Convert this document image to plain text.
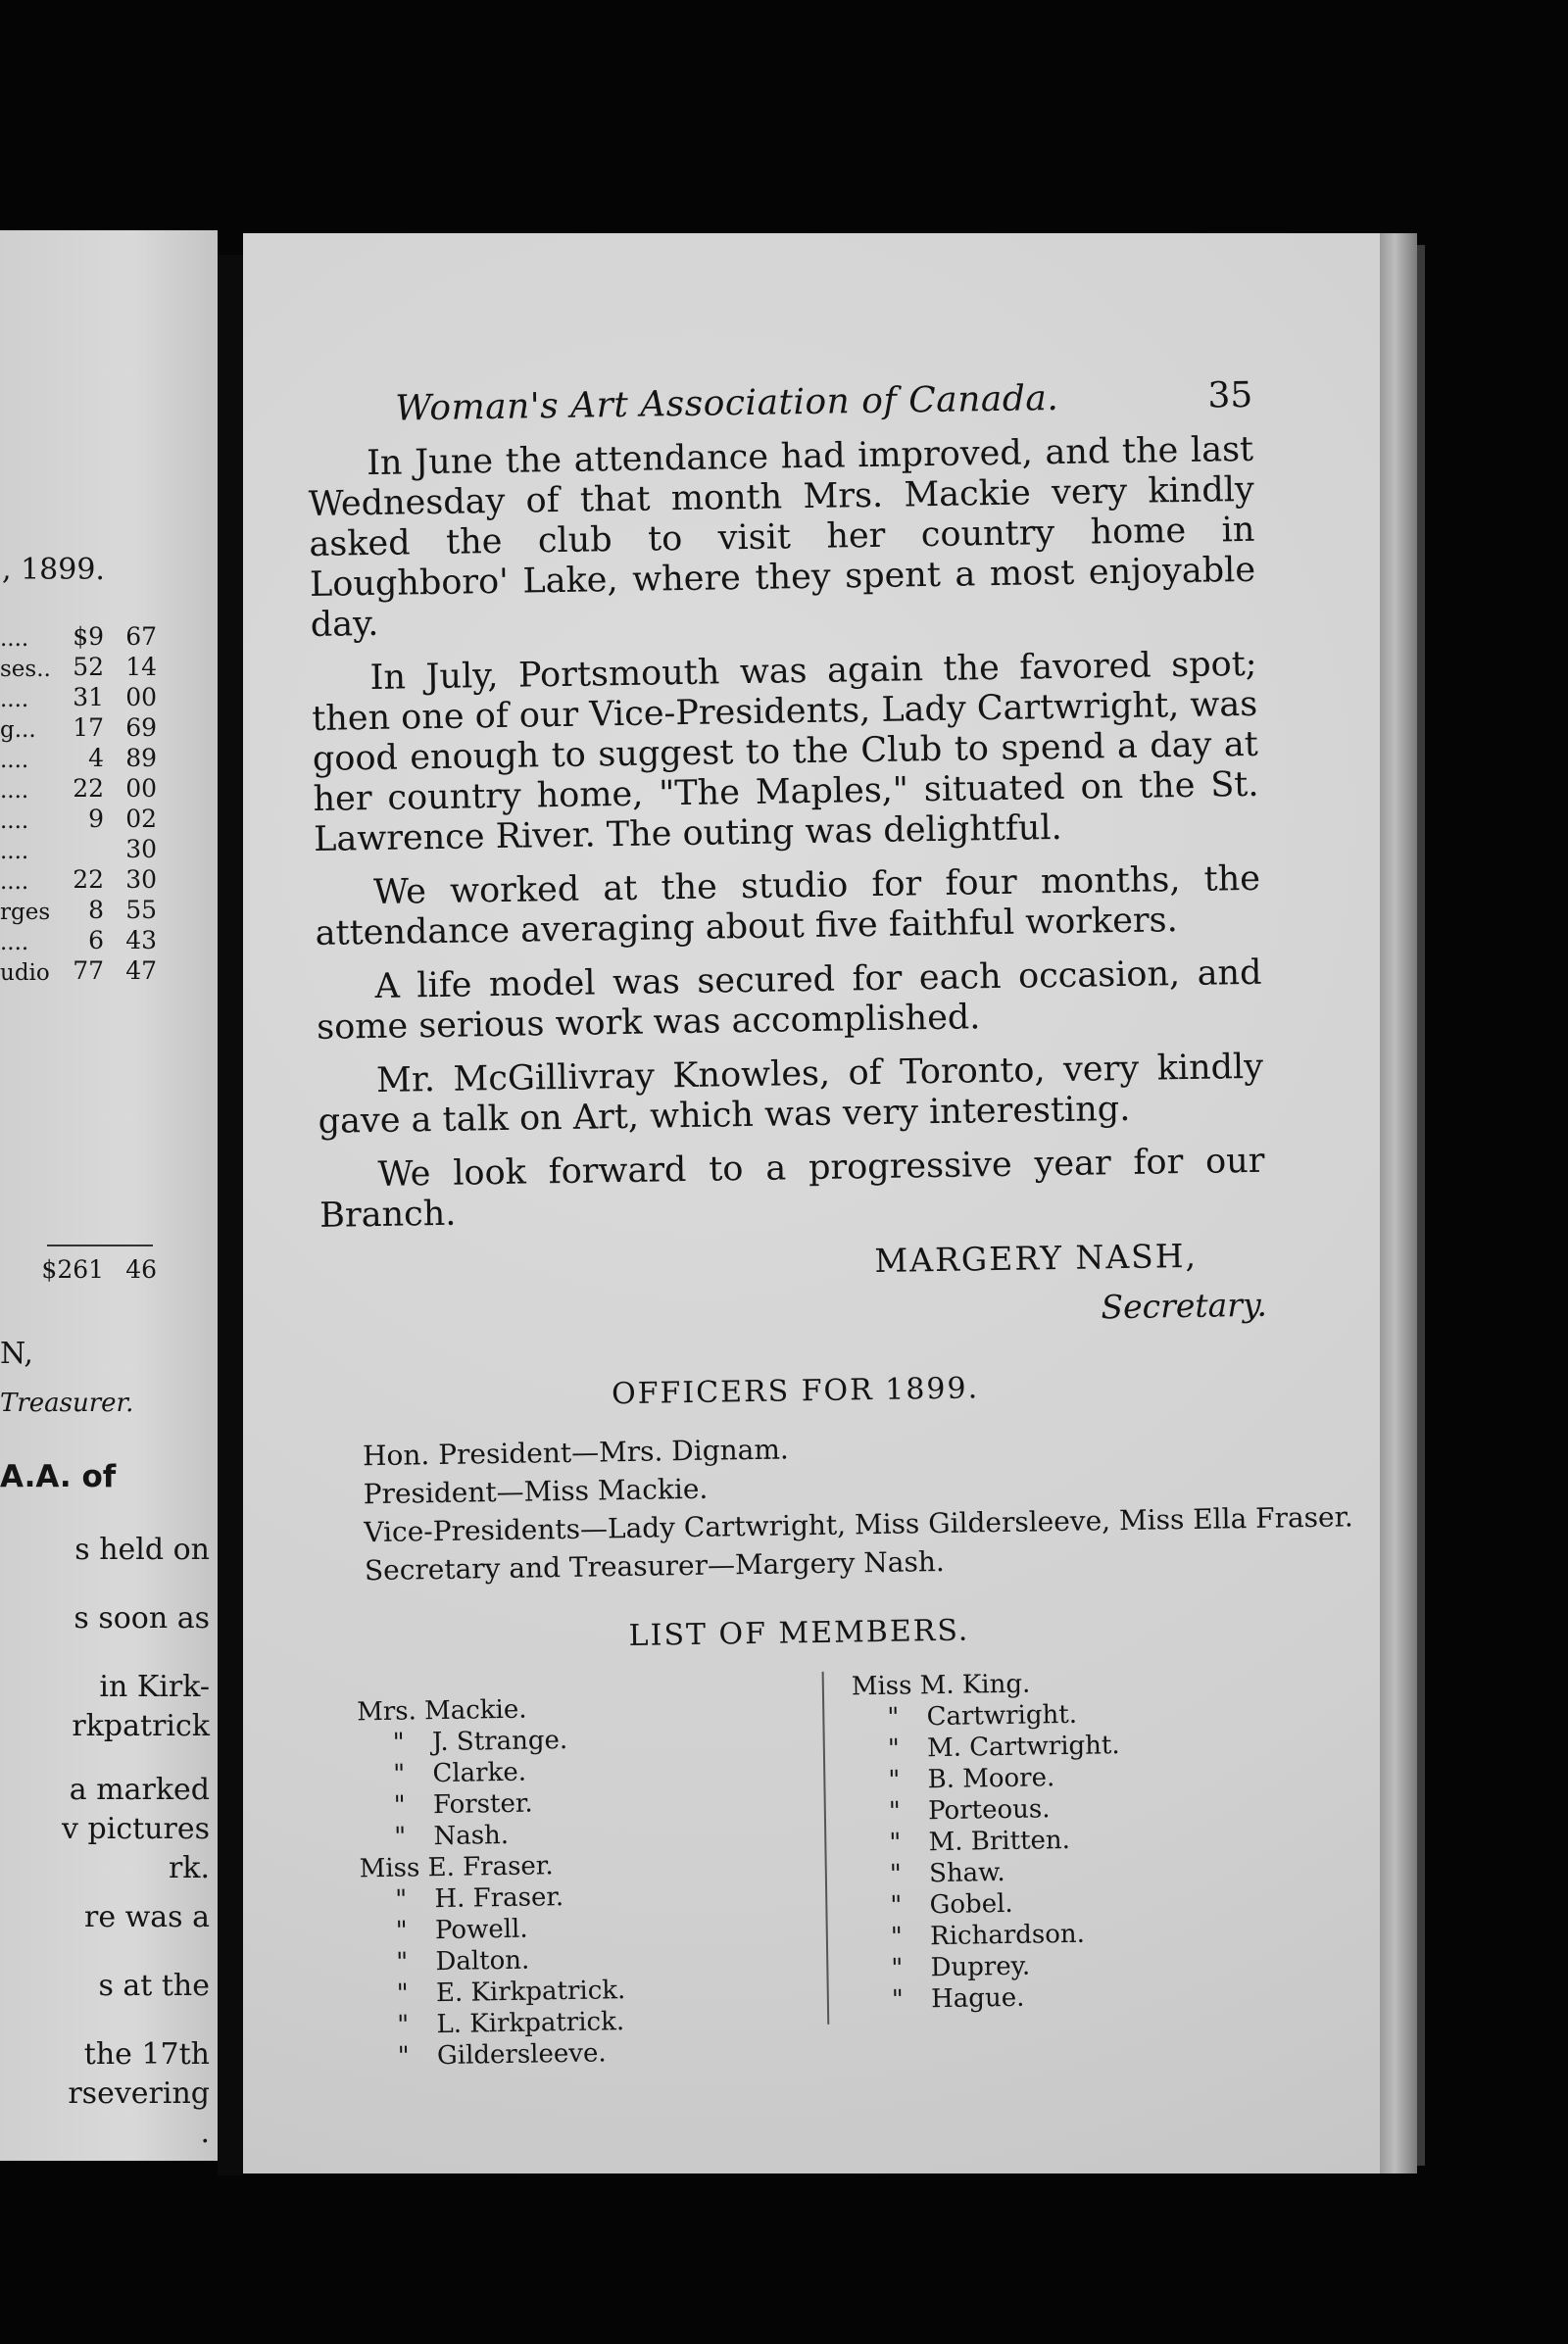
, 1899.
....	$9 67
ses.. 52 14
....	31 00
g...	17 69
....	4 89
....	22 00
....	9 02
....	30
....	22 30
rges	8 55
....	6 43
udio 77 47
$261 46
N,
Treasurer.
A.A. of
s held on
s soon as
in Kirk-
rkpatrick
a marked
v pictures
rk.
re was a
s at the
the 17th
rsevering
.
Woman's Art Association of Canada.	35

In June the attendance had improved, and the last Wednesday of that month Mrs. Mackie very kindly asked the club to visit her country home in Loughboro' Lake, where they spent a most enjoyable day.

In July, Portsmouth was again the favored spot; then one of our Vice-Presidents, Lady Cartwright, was good enough to suggest to the Club to spend a day at her country home, "The Maples," situated on the St. Lawrence River. The outing was delightful.

We worked at the studio for four months, the attendance averaging about five faithful workers.

A life model was secured for each occasion, and some serious work was accomplished.

Mr. McGillivray Knowles, of Toronto, very kindly gave a talk on Art, which was very interesting.

We look forward to a progressive year for our Branch.

MARGERY NASH,
Secretary.
OFFICERS FOR 1899.
Hon. President—Mrs. Dignam.
President—Miss Mackie.
Vice-Presidents—Lady Cartwright, Miss Gildersleeve, Miss Ella Fraser.
Secretary and Treasurer—Margery Nash.
LIST OF MEMBERS.
Mrs. Mackie.
" J. Strange.
" Clarke.
" Forster.
" Nash.
Miss E. Fraser.
" H. Fraser.
" Powell.
" Dalton.
" E. Kirkpatrick.
" L. Kirkpatrick.
" Gildersleeve.
Miss M. King.
" Cartwright.
" M. Cartwright.
" B. Moore.
" Porteous.
" M. Britten.
" Shaw.
" Gobel.
" Richardson.
" Duprey.
" Hague.
